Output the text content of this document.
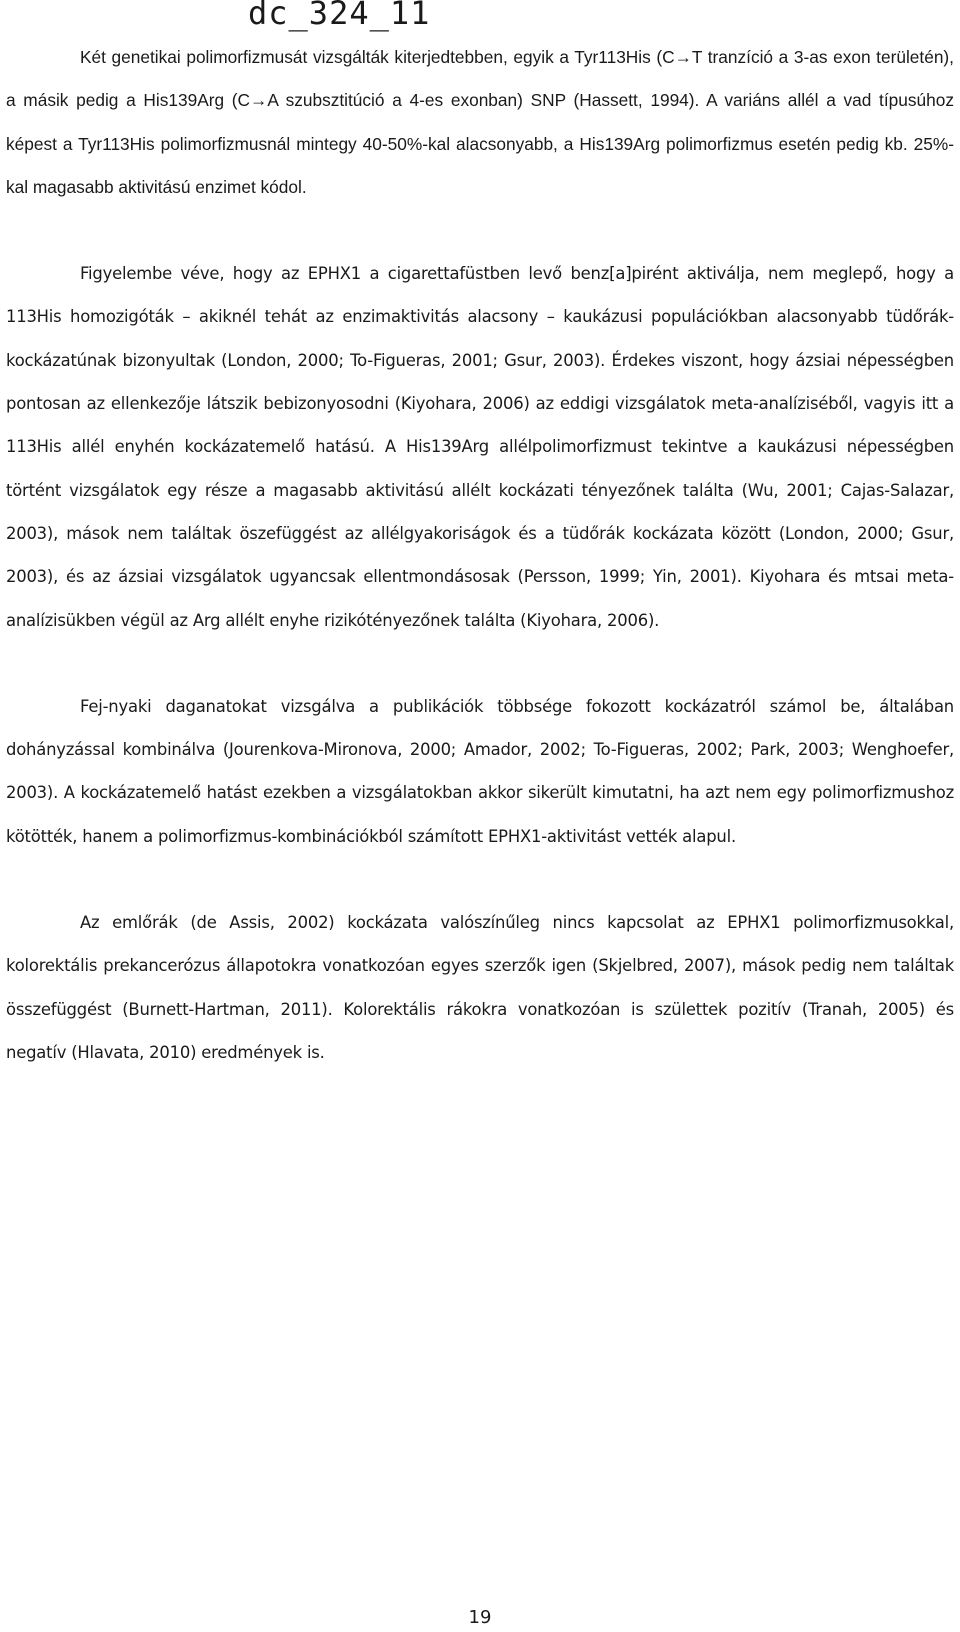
dc_324_11

Két genetikai polimorfizmusát vizsgálták kiterjedtebben, egyik a Tyr113His (C→T tranzíció a 3-as exon területén), a másik pedig a His139Arg (C→A szubsztitúció a 4-es exonban) SNP (Hassett, 1994). A variáns allél a vad típusúhoz képest a Tyr113His polimorfizmusnál mintegy 40-50%-kal alacsonyabb, a His139Arg polimorfizmus esetén pedig kb. 25%-kal magasabb aktivitású enzimet kódol.

Figyelembe véve, hogy az EPHX1 a cigarettafüstben levő benz[a]pirént aktiválja, nem meglepő, hogy a 113His homozigóták – akiknél tehát az enzimaktivitás alacsony – kaukázusi populációkban alacsonyabb tüdőrák-kockázatúnak bizonyultak (London, 2000; To-Figueras, 2001; Gsur, 2003). Érdekes viszont, hogy ázsiai népességben pontosan az ellenkezője látszik bebizonyosodni (Kiyohara, 2006) az eddigi vizsgálatok meta-analíziséből, vagyis itt a 113His allél enyhén kockázatemelő hatású. A His139Arg allélpolimorfizmust tekintve a kaukázusi népességben történt vizsgálatok egy része a magasabb aktivitású allélt kockázati tényezőnek találta (Wu, 2001; Cajas-Salazar, 2003), mások nem találtak öszefüggést az allélgyakoriságok és a tüdőrák kockázata között (London, 2000; Gsur, 2003), és az ázsiai vizsgálatok ugyancsak ellentmondásosak (Persson, 1999; Yin, 2001). Kiyohara és mtsai meta-analízisükben végül az Arg allélt enyhe rizikótényezőnek találta (Kiyohara, 2006).

Fej-nyaki daganatokat vizsgálva a publikációk többsége fokozott kockázatról számol be, általában dohányzással kombinálva (Jourenkova-Mironova, 2000; Amador, 2002; To-Figueras, 2002; Park, 2003; Wenghoefer, 2003). A kockázatemelő hatást ezekben a vizsgálatokban akkor sikerült kimutatni, ha azt nem egy polimorfizmushoz kötötték, hanem a polimorfizmus-kombinációkból számított EPHX1-aktivitást vették alapul.

Az emlőrák (de Assis, 2002) kockázata valószínűleg nincs kapcsolat az EPHX1 polimorfizmusokkal, kolorektális prekancerózus állapotokra vonatkozóan egyes szerzők igen (Skjelbred, 2007), mások pedig nem találtak összefüggést (Burnett-Hartman, 2011). Kolorektális rákokra vonatkozóan is születtek pozitív (Tranah, 2005) és negatív (Hlavata, 2010) eredmények is.

19
